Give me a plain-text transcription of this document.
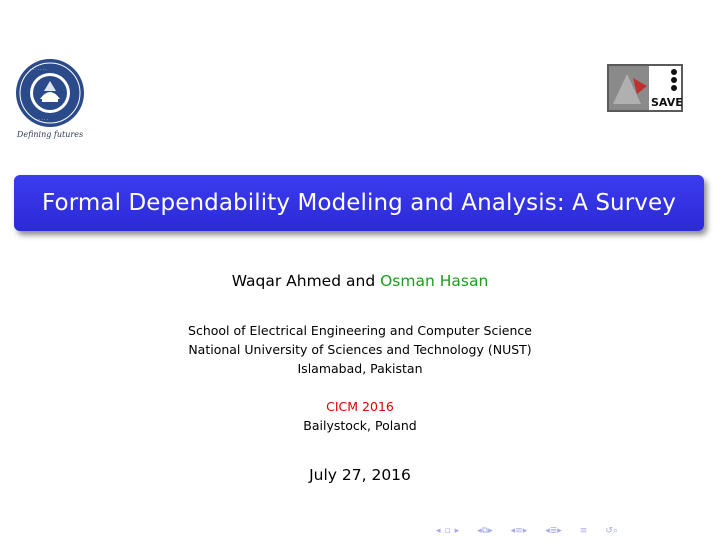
· · · · · · ·
· · · · · ·
Defining futures
SAVE
Formal Dependability Modeling and Analysis: A Survey
Waqar Ahmed and Osman Hasan
School of Electrical Engineering and Computer Science
National University of Sciences and Technology (NUST)
Islamabad, Pakistan
CICM 2016
Bailystock, Poland
July 27, 2016
◂ ▫ ▸ ◂⧉▸ ◂≡▸ ◂≣▸ ≡ ↺⌕
